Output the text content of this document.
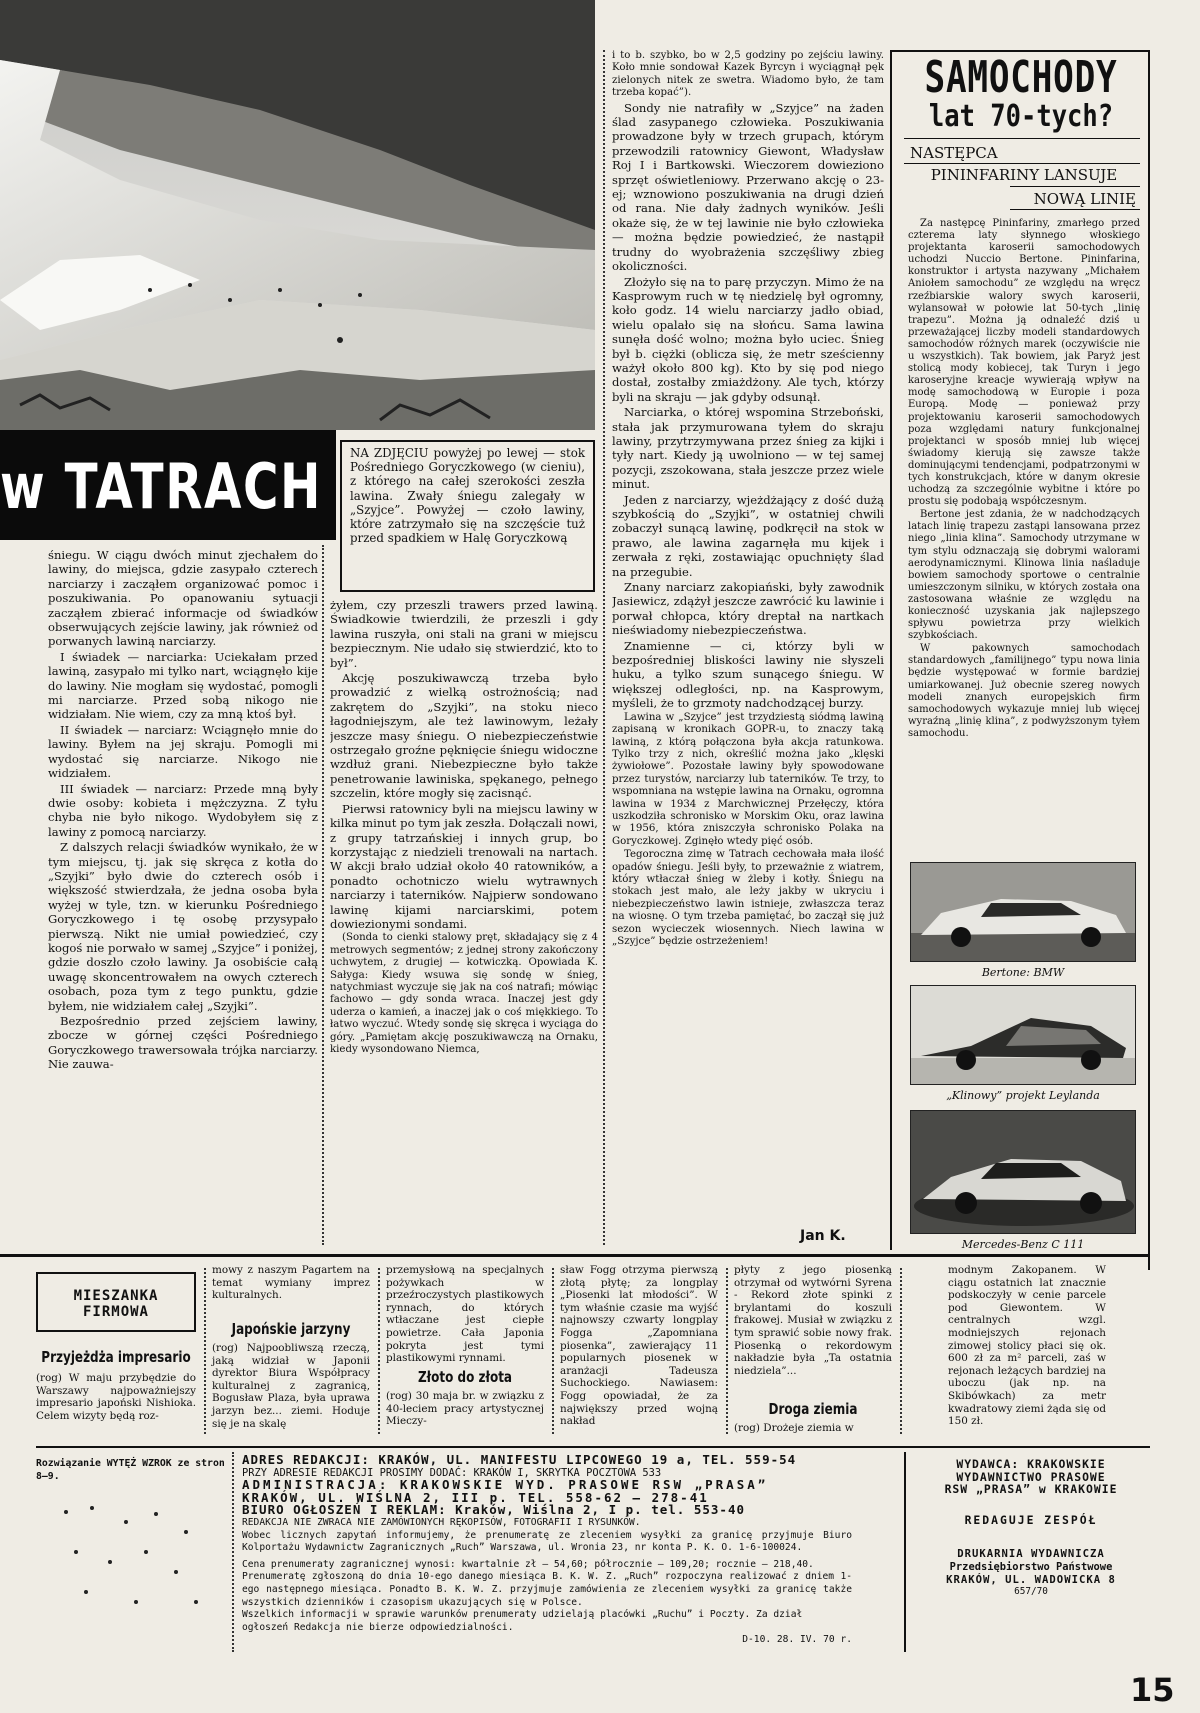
w TATRACH NA ZDJĘCIU powyżej po lewej — stok Pośredniego Goryczkowego (w cieniu), z którego na całej szerokości zeszła lawina. Zwały śniegu zalegały w „Szyjce”. Powyżej — czoło lawiny, które zatrzymało się na szczęście tuż przed spadkiem w Halę Goryczkową

śniegu. W ciągu dwóch minut zjechałem do lawiny, do miejsca, gdzie zasypało czterech narciarzy i zacząłem organizować pomoc i poszukiwania. Po opanowaniu sytuacji zacząłem zbierać informacje od świadków obserwujących zejście lawiny, jak również od porwanych lawiną narciarzy.

I świadek — narciarka: Uciekałam przed lawiną, zasypało mi tylko nart, wciągnęło kije do lawiny. Nie mogłam się wydostać, pomogli mi narciarze. Przed sobą nikogo nie widziałam. Nie wiem, czy za mną ktoś był.

II świadek — narciarz: Wciągnęło mnie do lawiny. Byłem na jej skraju. Pomogli mi wydostać się narciarze. Nikogo nie widziałem.

III świadek — narciarz: Przede mną były dwie osoby: kobieta i mężczyzna. Z tyłu chyba nie było nikogo. Wydobyłem się z lawiny z pomocą narciarzy.

Z dalszych relacji świadków wynikało, że w tym miejscu, tj. jak się skręca z kotła do „Szyjki” było dwie do czterech osób i większość stwierdzała, że jedna osoba była wyżej w tyle, tzn. w kierunku Pośredniego Goryczkowego i tę osobę przysypało pierwszą. Nikt nie umiał powiedzieć, czy kogoś nie porwało w samej „Szyjce” i poniżej, gdzie doszło czoło lawiny. Ja osobiście całą uwagę skoncentrowałem na owych czterech osobach, poza tym z tego punktu, gdzie byłem, nie widziałem całej „Szyjki”.

Bezpośrednio przed zejściem lawiny, zbocze w górnej części Pośredniego Goryczkowego trawersowała trójka narciarzy. Nie zauwa-

żyłem, czy przeszli trawers przed lawiną. Świadkowie twierdzili, że przeszli i gdy lawina ruszyła, oni stali na grani w miejscu bezpiecznym. Nie udało się stwierdzić, kto to był”.

Akcję poszukiwawczą trzeba było prowadzić z wielką ostrożnością; nad zakrętem do „Szyjki”, na stoku nieco łagodniejszym, ale też lawinowym, leżały jeszcze masy śniegu. O niebezpieczeństwie ostrzegało groźne pęknięcie śniegu widoczne wzdłuż grani. Niebezpieczne było także penetrowanie lawiniska, spękanego, pełnego szczelin, które mogły się zacisnąć.

Pierwsi ratownicy byli na miejscu lawiny w kilka minut po tym jak zeszła. Dołączali nowi, z grupy tatrzańskiej i innych grup, bo korzystając z niedzieli trenowali na nartach. W akcji brało udział około 40 ratowników, a ponadto ochotniczo wielu wytrawnych narciarzy i taterników. Najpierw sondowano lawinę kijami narciarskimi, potem dowiezionymi sondami.

(Sonda to cienki stalowy pręt, składający się z 4 metrowych segmentów; z jednej strony zakończony uchwytem, z drugiej — kotwiczką. Opowiada K. Sałyga: Kiedy wsuwa się sondę w śnieg, natychmiast wyczuje się jak na coś natrafi; mówiąc fachowo — gdy sonda wraca. Inaczej jest gdy uderza o kamień, a inaczej jak o coś miękkiego. To łatwo wyczuć. Wtedy sondę się skręca i wyciąga do góry. „Pamiętam akcję poszukiwawczą na Ornaku, kiedy wysondowano Niemca,

i to b. szybko, bo w 2,5 godziny po zejściu lawiny. Koło mnie sondował Kazek Byrcyn i wyciągnął pęk zielonych nitek ze swetra. Wiadomo było, że tam trzeba kopać”).

Sondy nie natrafiły w „Szyjce” na żaden ślad zasypanego człowieka. Poszukiwania prowadzone były w trzech grupach, którym przewodzili ratownicy Giewont, Władysław Roj I i Bartkowski. Wieczorem dowieziono sprzęt oświetleniowy. Przerwano akcję o 23-ej; wznowiono poszukiwania na drugi dzień od rana. Nie dały żadnych wyników. Jeśli okaże się, że w tej lawinie nie było człowieka — można będzie powiedzieć, że nastąpił trudny do wyobrażenia szczęśliwy zbieg okoliczności.

Złożyło się na to parę przyczyn. Mimo że na Kasprowym ruch w tę niedzielę był ogromny, koło godz. 14 wielu narciarzy jadło obiad, wielu opalało się na słońcu. Sama lawina sunęła dość wolno; można było uciec. Śnieg był b. ciężki (oblicza się, że metr sześcienny ważył około 800 kg). Kto by się pod niego dostał, zostałby zmiażdżony. Ale tych, którzy byli na skraju — jak gdyby odsunął.

Narciarka, o której wspomina Strzeboński, stała jak przymurowana tyłem do skraju lawiny, przytrzymywana przez śnieg za kijki i tyły nart. Kiedy ją uwolniono — w tej samej pozycji, zszokowana, stała jeszcze przez wiele minut.

Jeden z narciarzy, wjeżdżający z dość dużą szybkością do „Szyjki”, w ostatniej chwili zobaczył sunącą lawinę, podkręcił na stok w prawo, ale lawina zagarnęła mu kijek i zerwała z ręki, zostawiając opuchnięty ślad na przegubie.

Znany narciarz zakopiański, były zawodnik Jasiewicz, zdążył jeszcze zawrócić ku lawinie i porwał chłopca, który dreptał na nartkach nieświadomy niebezpieczeństwa.

Znamienne — ci, którzy byli w bezpośredniej bliskości lawiny nie słyszeli huku, a tylko szum sunącego śniegu. W większej odległości, np. na Kasprowym, myśleli, że to grzmoty nadchodzącej burzy.

Lawina w „Szyjce” jest trzydziestą siódmą lawiną zapisaną w kronikach GOPR-u, to znaczy taką lawiną, z którą połączona była akcja ratunkowa. Tylko trzy z nich, określić można jako „klęski żywiołowe”. Pozostałe lawiny były spowodowane przez turystów, narciarzy lub taterników. Te trzy, to wspomniana na wstępie lawina na Ornaku, ogromna lawina w 1934 z Marchwicznej Przełęczy, która uszkodziła schronisko w Morskim Oku, oraz lawina w 1956, która zniszczyła schronisko Polaka na Goryczkowej. Zginęło wtedy pięć osób.

Tegoroczna zimę w Tatrach cechowała mała ilość opadów śniegu. Jeśli były, to przeważnie z wiatrem, który wtłaczał śnieg w żleby i kotły. Śniegu na stokach jest mało, ale leży jakby w ukryciu i niebezpieczeństwo lawin istnieje, zwłaszcza teraz na wiosnę. O tym trzeba pamiętać, bo zaczął się już sezon wycieczek wiosennych. Niech lawina w „Szyjce” będzie ostrzeżeniem!

Jan K.
SAMOCHODY
lat 70-tych?
NASTĘPCA
PININFARINY LANSUJE
NOWĄ LINIĘ

Za następcę Pininfariny, zmarłego przed czterema laty słynnego włoskiego projektanta karoserii samochodowych uchodzi Nuccio Bertone. Pininfarina, konstruktor i artysta nazywany „Michałem Aniołem samochodu” ze względu na wręcz rzeźbiarskie walory swych karoserii, wylansował w połowie lat 50-tych „linię trapezu”. Można ją odnaleźć dziś u przeważającej liczby modeli standardowych samochodów różnych marek (oczywiście nie u wszystkich). Tak bowiem, jak Paryż jest stolicą mody kobiecej, tak Turyn i jego karoseryjne kreacje wywierają wpływ na modę samochodową w Europie i poza Europą. Modę — ponieważ przy projektowaniu karoserii samochodowych poza względami natury funkcjonalnej projektanci w sposób mniej lub więcej świadomy kierują się zawsze także dominującymi tendencjami, podpatrzonymi w tych konstrukcjach, które w danym okresie uchodzą za szczególnie wybitne i które po prostu się podobają współczesnym.

Bertone jest zdania, że w nadchodzących latach linię trapezu zastąpi lansowana przez niego „linia klina”. Samochody utrzymane w tym stylu odznaczają się dobrymi walorami aerodynamicznymi. Klinowa linia naśladuje bowiem samochody sportowe o centralnie umieszczonym silniku, w których została ona zastosowana właśnie ze względu na konieczność uzyskania jak najlepszego spływu powietrza przy wielkich szybkościach.

W pakownych samochodach standardowych „familijnego” typu nowa linia będzie występować w formie bardziej umiarkowanej. Już obecnie szereg nowych modeli znanych europejskich firm samochodowych wykazuje mniej lub więcej wyraźną „linię klina”, z podwyższonym tyłem samochodu.

Bertone: BMW
„Klinowy” projekt Leylanda
Mercedes-Benz C 111
MIESZANKA
FIRMOWA
Przyjeżdża impresario

(rog) W maju przybędzie do Warszawy najpoważniejszy impresario japoński Nishioka. Celem wizyty będą roz-

mowy z naszym Pagartem na temat wymiany imprez kulturalnych.

Japońskie jarzyny

(rog) Najpoobliwszą rzeczą, jaką widział w Japonii dyrektor Biura Współpracy kulturalnej z zagranicą, Bogusław Plaza, była uprawa jarzyn bez... ziemi. Hoduje się je na skalę

przemysłową na specjalnych pożywkach w przeźroczystych plastikowych rynnach, do których wtłaczane jest ciepłe powietrze. Cała Japonia pokryta jest tymi plastikowymi rynnami.

Złoto do złota

(rog) 30 maja br. w związku z 40-leciem pracy artystycznej Mieczy-

sław Fogg otrzyma pierwszą złotą płytę; za longplay „Piosenki lat młodości”. W tym właśnie czasie ma wyjść najnowszy czwarty longplay Fogga „Zapomniana piosenka”, zawierający 11 popularnych piosenek w aranżacji Tadeusza Suchockiego. Nawiasem: Fogg opowiadał, że za największy przed wojną nakład

płyty z jego piosenką otrzymał od wytwórni Syrena - Rekord złote spinki z brylantami do koszuli frakowej. Musiał w związku z tym sprawić sobie nowy frak. Piosenką o rekordowym nakładzie była „Ta ostatnia niedziela”...

Droga ziemia

(rog) Drożeje ziemia w

modnym Zakopanem. W ciągu ostatnich lat znacznie podskoczyły w cenie parcele pod Giewontem. W centralnych wzgl. modniejszych rejonach zimowej stolicy płaci się ok. 600 zł za m² parceli, zaś w rejonach leżących bardziej na uboczu (jak np. na Skibówkach) za metr kwadratowy ziemi żąda się od 150 zł.

Rozwiązanie WYTĘŻ WZROK ze stron 8—9.

ADRES REDAKCJI: KRAKÓW, UL. MANIFESTU LIPCOWEGO 19 a, TEL. 559-54

PRZY ADRESIE REDAKCJI PROSIMY DODAĆ: KRAKÓW I, SKRYTKA POCZTOWA 533

ADMINISTRACJA: KRAKOWSKIE WYD. PRASOWE RSW „PRASA”

KRAKÓW, UL. WIŚLNA 2, III p. TEL. 558-62 — 278-41

BIURO OGŁOSZEŃ I REKLAM: Kraków, Wiślna 2, I p. tel. 553-40

REDAKCJA NIE ZWRACA NIE ZAMÓWIONYCH RĘKOPISÓW, FOTOGRAFII I RYSUNKÓW.

Wobec licznych zapytań informujemy, że prenumeratę ze zleceniem wysyłki za granicę przyjmuje Biuro Kolportażu Wydawnictw Zagranicznych „Ruch” Warszawa, ul. Wronia 23, nr konta P. K. O. 1-6-100024.

Cena prenumeraty zagranicznej wynosi: kwartalnie zł — 54,60; półrocznie — 109,20; rocznie — 218,40.

Prenumeratę zgłoszoną do dnia 10-ego danego miesiąca B. K. W. Z. „Ruch” rozpoczyna realizować z dniem 1-ego następnego miesiąca. Ponadto B. K. W. Z. przyjmuje zamówienia ze zleceniem wysyłki za granicę także wszystkich dzienników i czasopism ukazujących się w Polsce.

Wszelkich informacji w sprawie warunków prenumeraty udzielają placówki „Ruchu” i Poczty. Za dział ogłoszeń Redakcja nie bierze odpowiedzialności.

D-10. 28. IV. 70 r.

WYDAWCA: KRAKOWSKIE

WYDAWNICTWO PRASOWE

RSW „PRASA” w KRAKOWIE

REDAGUJE ZESPÓŁ

DRUKARNIA WYDAWNICZA

Przedsiębiorstwo Państwowe

KRAKÓW, UL. WADOWICKA 8

657/70

15
